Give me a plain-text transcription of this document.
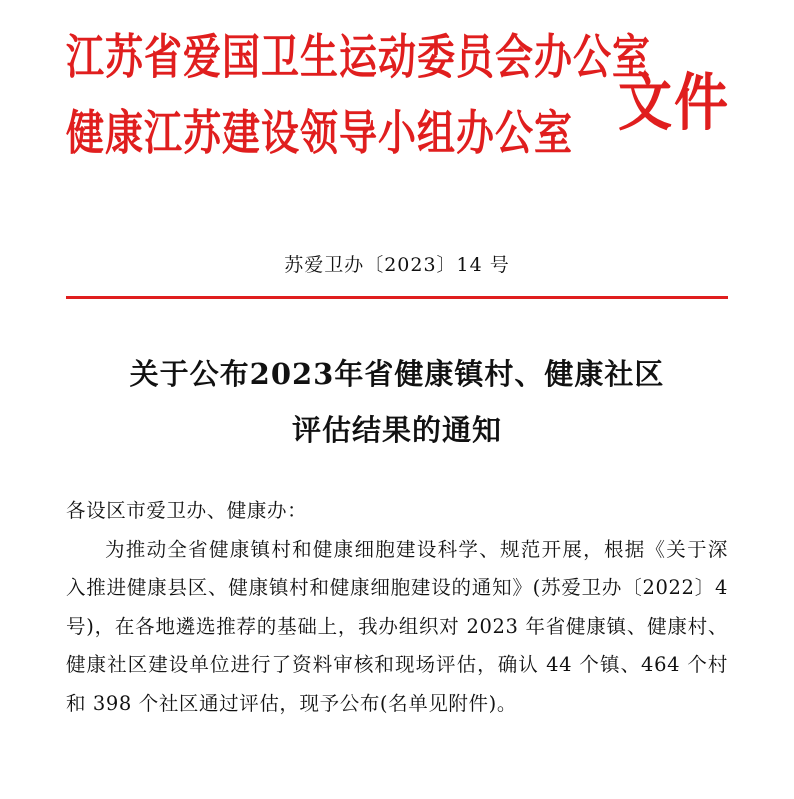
江苏省爱国卫生运动委员会办公室
健康江苏建设领导小组办公室 文件
苏爱卫办〔2023〕14 号
关于公布2023年省健康镇村、健康社区
评估结果的通知
各设区市爱卫办、健康办：
为推动全省健康镇村和健康细胞建设科学、规范开展，根据《关于深入推进健康县区、健康镇村和健康细胞建设的通知》(苏爱卫办〔2022〕4 号)，在各地遴选推荐的基础上，我办组织对 2023 年省健康镇、健康村、健康社区建设单位进行了资料审核和现场评估，确认 44 个镇、464 个村和 398 个社区通过评估，现予公布(名单见附件)。
